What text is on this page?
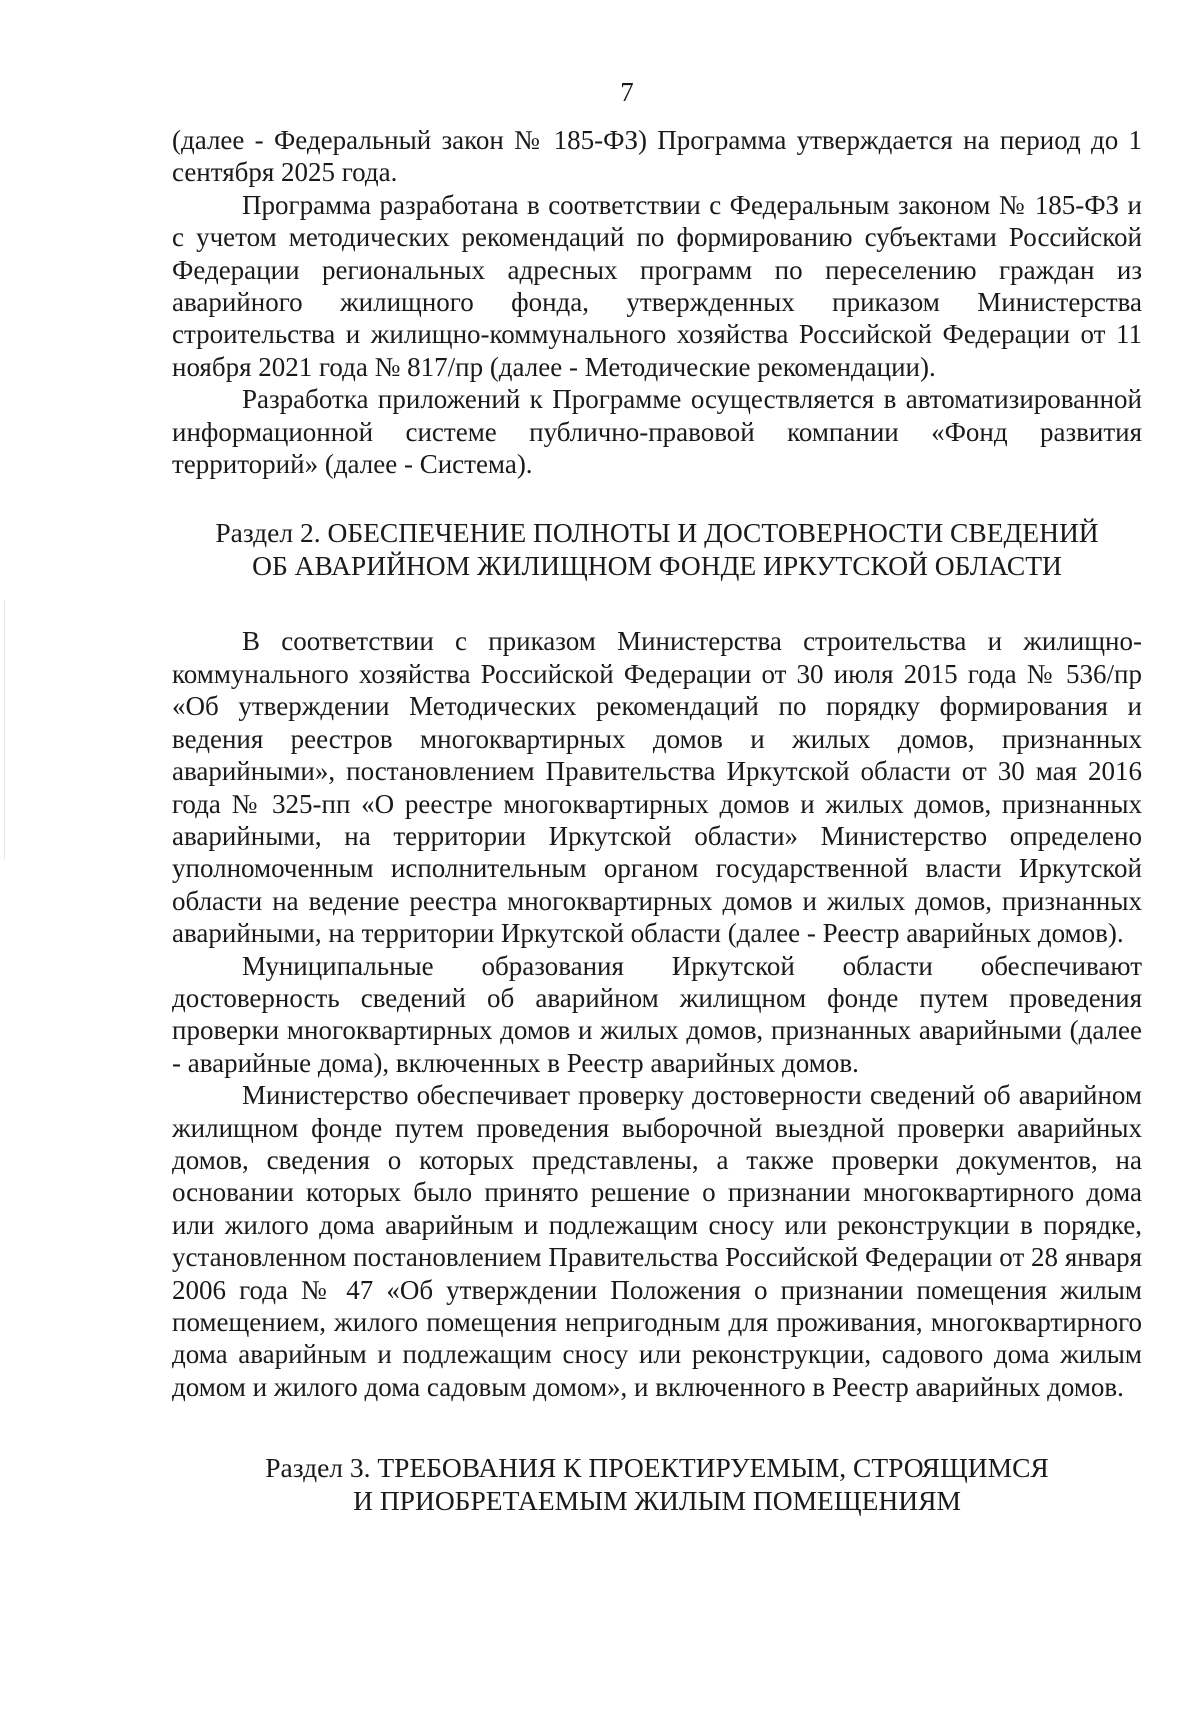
7

(далее - Федеральный закон № 185-ФЗ) Программа утверждается на период до 1 сентября 2025 года.

Программа разработана в соответствии с Федеральным законом № 185-ФЗ и с учетом методических рекомендаций по формированию субъектами Российской Федерации региональных адресных программ по переселению граждан из аварийного жилищного фонда, утвержденных приказом Министерства строительства и жилищно-коммунального хозяйства Российской Федерации от 11 ноября 2021 года № 817/пр (далее - Методические рекомендации).

Разработка приложений к Программе осуществляется в автоматизированной информационной системе публично-правовой компании «Фонд развития территорий» (далее - Система).

Раздел 2. ОБЕСПЕЧЕНИЕ ПОЛНОТЫ И ДОСТОВЕРНОСТИ СВЕДЕНИЙ
ОБ АВАРИЙНОМ ЖИЛИЩНОМ ФОНДЕ ИРКУТСКОЙ ОБЛАСТИ

В соответствии с приказом Министерства строительства и жилищно-коммунального хозяйства Российской Федерации от 30 июля 2015 года № 536/пр «Об утверждении Методических рекомендаций по порядку формирования и ведения реестров многоквартирных домов и жилых домов, признанных аварийными», постановлением Правительства Иркутской области от 30 мая 2016 года № 325-пп «О реестре многоквартирных домов и жилых домов, признанных аварийными, на территории Иркутской области» Министерство определено уполномоченным исполнительным органом государственной власти Иркутской области на ведение реестра многоквартирных домов и жилых домов, признанных аварийными, на территории Иркутской области (далее - Реестр аварийных домов).

Муниципальные образования Иркутской области обеспечивают достоверность сведений об аварийном жилищном фонде путем проведения проверки многоквартирных домов и жилых домов, признанных аварийными (далее - аварийные дома), включенных в Реестр аварийных домов.

Министерство обеспечивает проверку достоверности сведений об аварийном жилищном фонде путем проведения выборочной выездной проверки аварийных домов, сведения о которых представлены, а также проверки документов, на основании которых было принято решение о признании многоквартирного дома или жилого дома аварийным и подлежащим сносу или реконструкции в порядке, установленном постановлением Правительства Российской Федерации от 28 января 2006 года № 47 «Об утверждении Положения о признании помещения жилым помещением, жилого помещения непригодным для проживания, многоквартирного дома аварийным и подлежащим сносу или реконструкции, садового дома жилым домом и жилого дома садовым домом», и включенного в Реестр аварийных домов.

Раздел 3. ТРЕБОВАНИЯ К ПРОЕКТИРУЕМЫМ, СТРОЯЩИМСЯ
И ПРИОБРЕТАЕМЫМ ЖИЛЫМ ПОМЕЩЕНИЯМ
